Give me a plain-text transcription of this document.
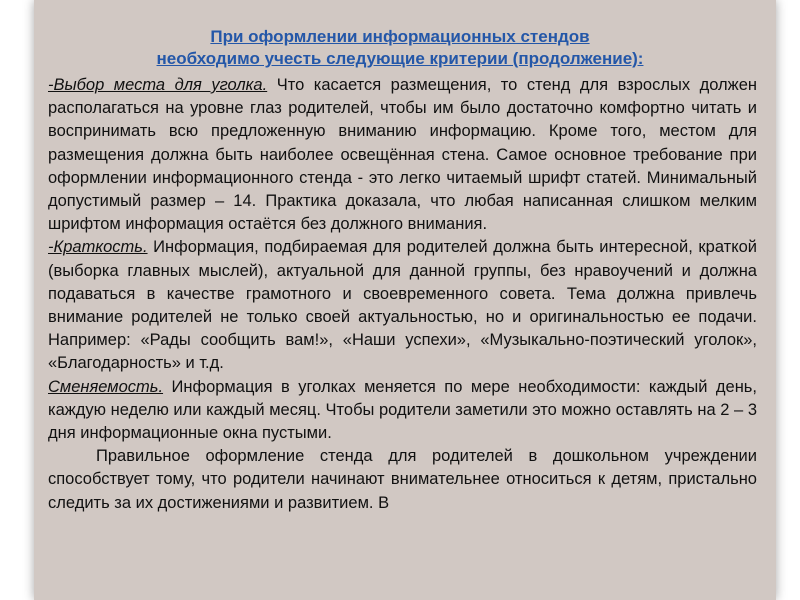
При оформлении информационных стендов
необходимо учесть следующие критерии (продолжение):

-Выбор места для уголка. Что касается размещения, то стенд для взрослых должен располагаться на уровне глаз родителей, чтобы им было достаточно комфортно читать и воспринимать всю предложенную вниманию информацию. Кроме того, местом для размещения должна быть наиболее освещённая стена. Самое основное требование при оформлении информационного стенда - это легко читаемый шрифт статей. Минимальный допустимый размер – 14. Практика доказала, что любая написанная слишком мелким шрифтом информация остаётся без должного внимания.

-Краткость. Информация, подбираемая для родителей должна быть интересной, краткой (выборка главных мыслей), актуальной для данной группы, без нравоучений и должна подаваться в качестве грамотного и своевременного совета. Тема должна привлечь внимание родителей не только своей актуальностью, но и оригинальностью ее подачи. Например: «Рады сообщить вам!», «Наши успехи», «Музыкально-поэтический уголок», «Благодарность» и т.д.

Сменяемость. Информация в уголках меняется по мере необходимости: каждый день, каждую неделю или каждый месяц. Чтобы родители заметили это можно оставлять на 2 – 3 дня информационные окна пустыми.

Правильное оформление стенда для родителей в дошкольном учреждении способствует тому, что родители начинают внимательнее относиться к детям, пристально следить за их достижениями и развитием. В
